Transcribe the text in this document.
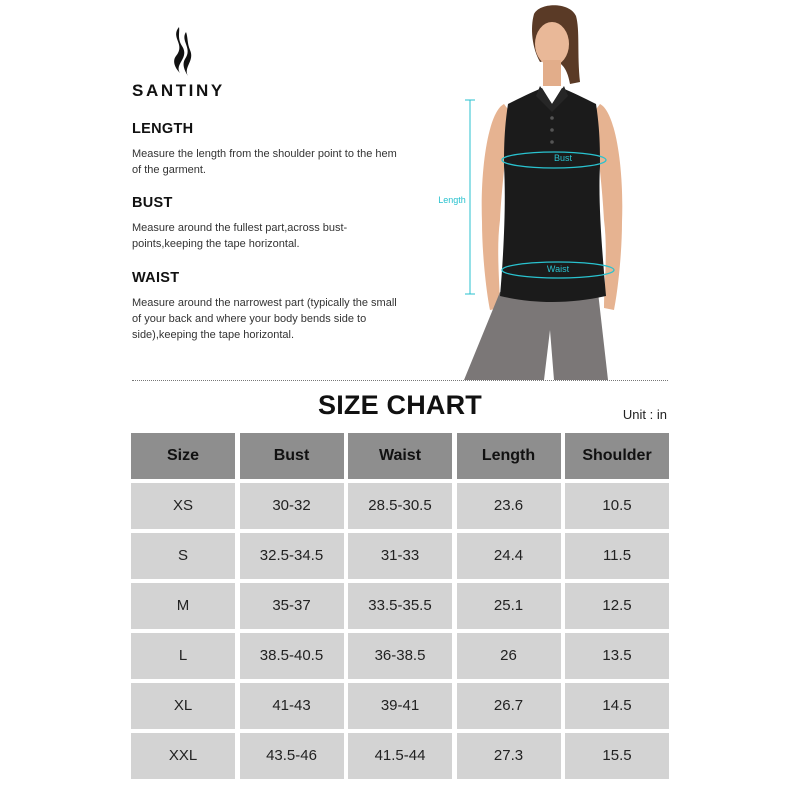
SANTINY
LENGTH

Measure the length from the shoulder point to the hem of the garment.

BUST

Measure around the fullest part,across bust-points,keeping the tape horizontal.

WAIST

Measure around the narrowest part (typically the small of your back and where your body bends side to side),keeping the tape horizontal.

Length
Bust
Waist
SIZE CHART	Unit : in
Size	Bust	Waist	Length	Shoulder
XS	30-32	28.5-30.5	23.6	10.5
S	32.5-34.5	31-33	24.4	11.5
M	35-37	33.5-35.5	25.1	12.5
L	38.5-40.5	36-38.5	26	13.5
XL	41-43	39-41	26.7	14.5
XXL	43.5-46	41.5-44	27.3	15.5
